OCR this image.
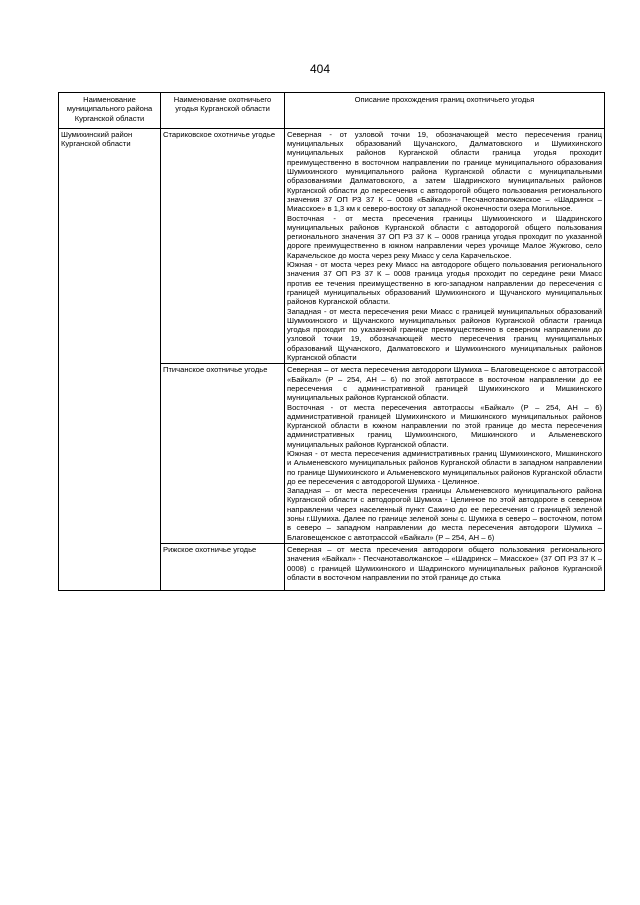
404
Наименование муниципального района Курганской области	Наименование охотничьего угодья Курганской области	Описание прохождения границ охотничьего угодья
Шумихинский район Курганской области	Стариковское охотничье угодье	Северная - от узловой точки 19, обозначающей место пересечения границ муниципальных образований Щучанского, Далматовского и Шумихинского муниципальных районов Курганской области граница угодья проходит преимущественно в восточном направлении по границе муниципального образования Шумихинского муниципального района Курганской области с муниципальными образованиями Далматовского, а затем Шадринского муниципальных районов Курганской области до пересечения с автодорогой общего пользования регионального значения 37 ОП РЗ 37 К – 0008 «Байкал» - Песчанотаволжанское – «Шадринск – Миасское» в 1,3 км к северо-востоку от западной оконечности озера Могильное.

Восточная - от места пресечения границы Шумихинского и Шадринского муниципальных районов Курганской области с автодорогой общего пользования регионального значения 37 ОП РЗ 37 К – 0008 граница угодья проходит по указанной дороге преимущественно в южном направлении через урочище Малое Жужгово, село Карачельское до моста через реку Миасс у села Карачельское.

Южная - от моста через реку Миасс на автодороге общего пользования регионального значения 37 ОП РЗ 37 К – 0008 граница угодья проходит по середине реки Миасс против ее течения преимущественно в юго-западном направлении до пересечения с границей муниципальных образований Шумихинского и Щучанского муниципальных районов Курганской области.

Западная - от места пересечения реки Миасс с границей муниципальных образований Шумихинского и Щучанского муниципальных районов Курганской области граница угодья проходит по указанной границе преимущественно в северном направлении до узловой точки 19, обозначающей место пересечения границ муниципальных образований Щучанского, Далматовского и Шумихинского муниципальных районов Курганской области

	Птичанское охотничье угодье	Северная – от места пересечения автодороги Шумиха – Благовещенское с автотрассой «Байкал» (Р – 254, АН – 6) по этой автотрассе в восточном направлении до ее пересечения с административной границей Шумихинского и Мишкинского муниципальных районов Курганской области.

Восточная - от места пересечения автотрассы «Байкал» (Р – 254, АН – 6) административной границей Шумихинского и Мишкинского муниципальных районов Курганской области в южном направлении по этой границе до места пересечения административных границ Шумихинского, Мишкинского и Альменевского муниципальных районов Курганской области.

Южная - от места пересечения административных границ Шумихинского, Мишкинского и Альменевского муниципальных районов Курганской области в западном направлении по границе Шумихинского и Альменевского муниципальных районов Курганской области до ее пересечения с автодорогой Шумиха - Целинное.

Западная – от места пересечения границы Альменевского муниципального района Курганской области с автодорогой Шумиха - Целинное по этой автодороге в северном направлении через населенный пункт Сажино до ее пересечения с границей зеленой зоны г.Шумиха. Далее по границе зеленой зоны с. Шумиха в северо – восточном, потом в северо – западном направлении до места пересечения автодороги Шумиха – Благовещенское с автотрассой «Байкал» (Р – 254, АН – 6)

	Рижское охотничье угодье	Северная – от места пресечения автодороги общего пользования регионального значения «Байкал» - Песчанотаволжанское – «Шадринск – Миасское» (37 ОП РЗ 37 К – 0008) с границей Шумихинского и Шадринского муниципальных районов Курганской области в восточном направлении по этой границе до стыка
